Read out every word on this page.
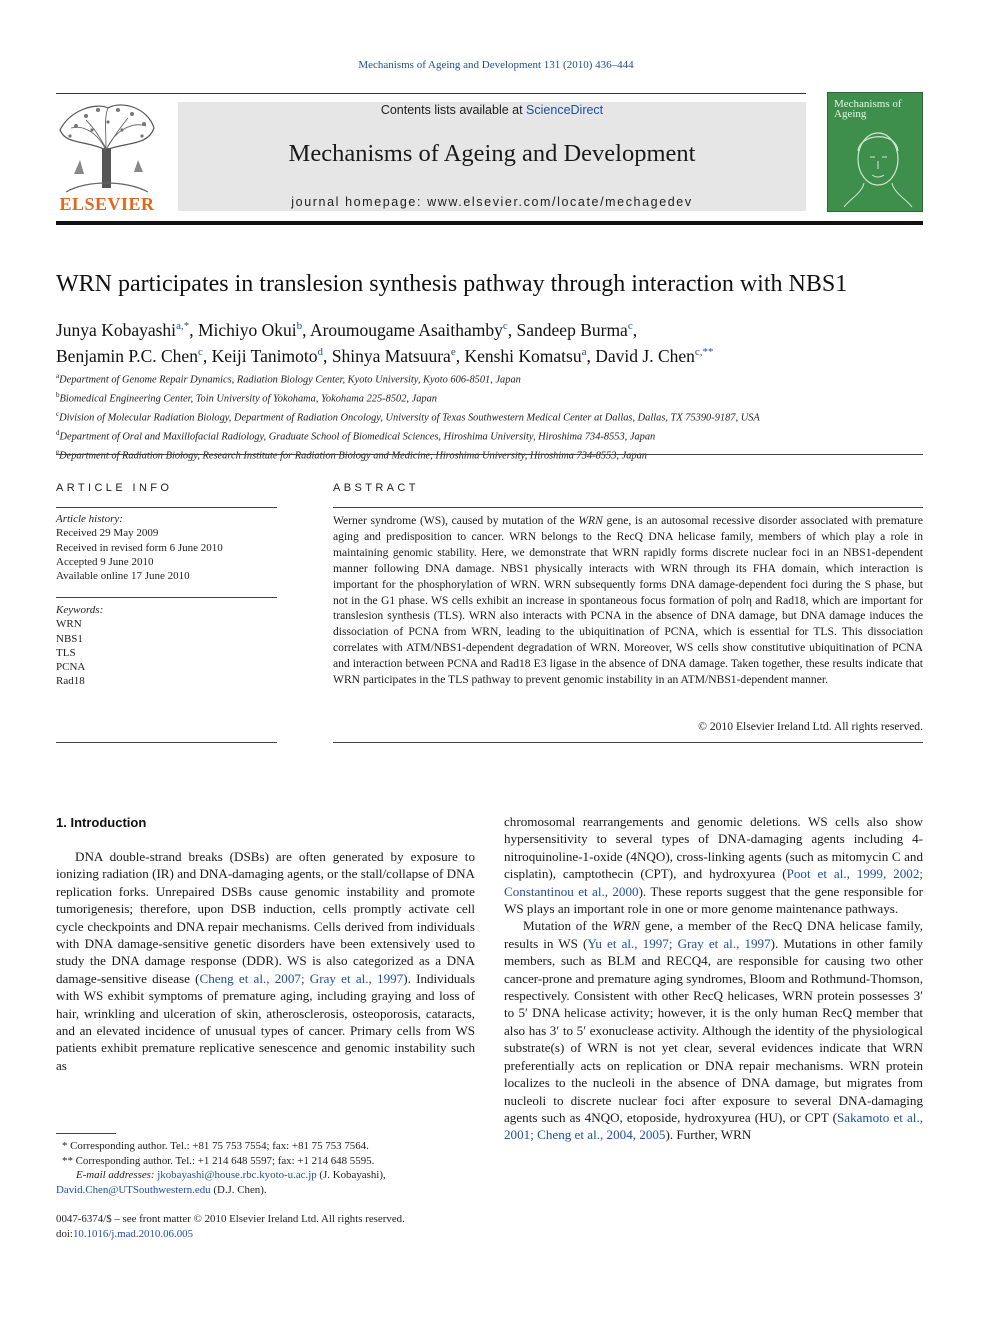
Mechanisms of Ageing and Development 131 (2010) 436–444
ELSEVIER
Contents lists available at ScienceDirect
Mechanisms of Ageing and Development
journal homepage: www.elsevier.com/locate/mechagedev
Mechanisms of Ageing
WRN participates in translesion synthesis pathway through interaction with NBS1
Junya Kobayashi$^{a,*}$, Michiyo Okui$^b$, Aroumougame Asaithamby$^c$, Sandeep Burma$^c$,
Benjamin P.C. Chen$^c$, Keiji Tanimoto$^d$, Shinya Matsuura$^e$, Kenshi Komatsu$^a$, David J. Chen$^{c,**}$
$^a$Department of Genome Repair Dynamics, Radiation Biology Center, Kyoto University, Kyoto 606-8501, Japan
$^b$Biomedical Engineering Center, Toin University of Yokohama, Yokohama 225-8502, Japan
$^c$Division of Molecular Radiation Biology, Department of Radiation Oncology, University of Texas Southwestern Medical Center at Dallas, Dallas, TX 75390-9187, USA
$^d$Department of Oral and Maxillofacial Radiology, Graduate School of Biomedical Sciences, Hiroshima University, Hiroshima 734-8553, Japan
$^e$Department of Radiation Biology, Research Institute for Radiation Biology and Medicine, Hiroshima University, Hiroshima 734-8553, Japan
ARTICLE INFO
Article history:
Received 29 May 2009
Received in revised form 6 June 2010
Accepted 9 June 2010
Available online 17 June 2010
Keywords:
WRN
NBS1
TLS
PCNA
Rad18
ABSTRACT
Werner syndrome (WS), caused by mutation of the WRN gene, is an autosomal recessive disorder associated with premature aging and predisposition to cancer. WRN belongs to the RecQ DNA helicase family, members of which play a role in maintaining genomic stability. Here, we demonstrate that WRN rapidly forms discrete nuclear foci in an NBS1-dependent manner following DNA damage. NBS1 physically interacts with WRN through its FHA domain, which interaction is important for the phosphorylation of WRN. WRN subsequently forms DNA damage-dependent foci during the S phase, but not in the G1 phase. WS cells exhibit an increase in spontaneous focus formation of polη and Rad18, which are important for translesion synthesis (TLS). WRN also interacts with PCNA in the absence of DNA damage, but DNA damage induces the dissociation of PCNA from WRN, leading to the ubiquitination of PCNA, which is essential for TLS. This dissociation correlates with ATM/NBS1-dependent degradation of WRN. Moreover, WS cells show constitutive ubiquitination of PCNA and interaction between PCNA and Rad18 E3 ligase in the absence of DNA damage. Taken together, these results indicate that WRN participates in the TLS pathway to prevent genomic instability in an ATM/NBS1-dependent manner.
© 2010 Elsevier Ireland Ltd. All rights reserved.
1. Introduction

DNA double-strand breaks (DSBs) are often generated by exposure to ionizing radiation (IR) and DNA-damaging agents, or the stall/collapse of DNA replication forks. Unrepaired DSBs cause genomic instability and promote tumorigenesis; therefore, upon DSB induction, cells promptly activate cell cycle checkpoints and DNA repair mechanisms. Cells derived from individuals with DNA damage-sensitive genetic disorders have been extensively used to study the DNA damage response (DDR). WS is also categorized as a DNA damage-sensitive disease (Cheng et al., 2007; Gray et al., 1997). Individuals with WS exhibit symptoms of premature aging, including graying and loss of hair, wrinkling and ulceration of skin, atherosclerosis, osteoporosis, cataracts, and an elevated incidence of unusual types of cancer. Primary cells from WS patients exhibit premature replicative senescence and genomic instability such as

chromosomal rearrangements and genomic deletions. WS cells also show hypersensitivity to several types of DNA-damaging agents including 4-nitroquinoline-1-oxide (4NQO), cross-linking agents (such as mitomycin C and cisplatin), camptothecin (CPT), and hydroxyurea (Poot et al., 1999, 2002; Constantinou et al., 2000). These reports suggest that the gene responsible for WS plays an important role in one or more genome maintenance pathways.

Mutation of the WRN gene, a member of the RecQ DNA helicase family, results in WS (Yu et al., 1997; Gray et al., 1997). Mutations in other family members, such as BLM and RECQ4, are responsible for causing two other cancer-prone and premature aging syndromes, Bloom and Rothmund-Thomson, respectively. Consistent with other RecQ helicases, WRN protein possesses 3′ to 5′ DNA helicase activity; however, it is the only human RecQ member that also has 3′ to 5′ exonuclease activity. Although the identity of the physiological substrate(s) of WRN is not yet clear, several evidences indicate that WRN preferentially acts on replication or DNA repair mechanisms. WRN protein localizes to the nucleoli in the absence of DNA damage, but migrates from nucleoli to discrete nuclear foci after exposure to several DNA-damaging agents such as 4NQO, etoposide, hydroxyurea (HU), or CPT (Sakamoto et al., 2001; Cheng et al., 2004, 2005). Further, WRN

* Corresponding author. Tel.: +81 75 753 7554; fax: +81 75 753 7564.
** Corresponding author. Tel.: +1 214 648 5597; fax: +1 214 648 5595.
E-mail addresses: jkobayashi@house.rbc.kyoto-u.ac.jp (J. Kobayashi),
David.Chen@UTSouthwestern.edu (D.J. Chen).
0047-6374/$ – see front matter © 2010 Elsevier Ireland Ltd. All rights reserved.
doi:10.1016/j.mad.2010.06.005
